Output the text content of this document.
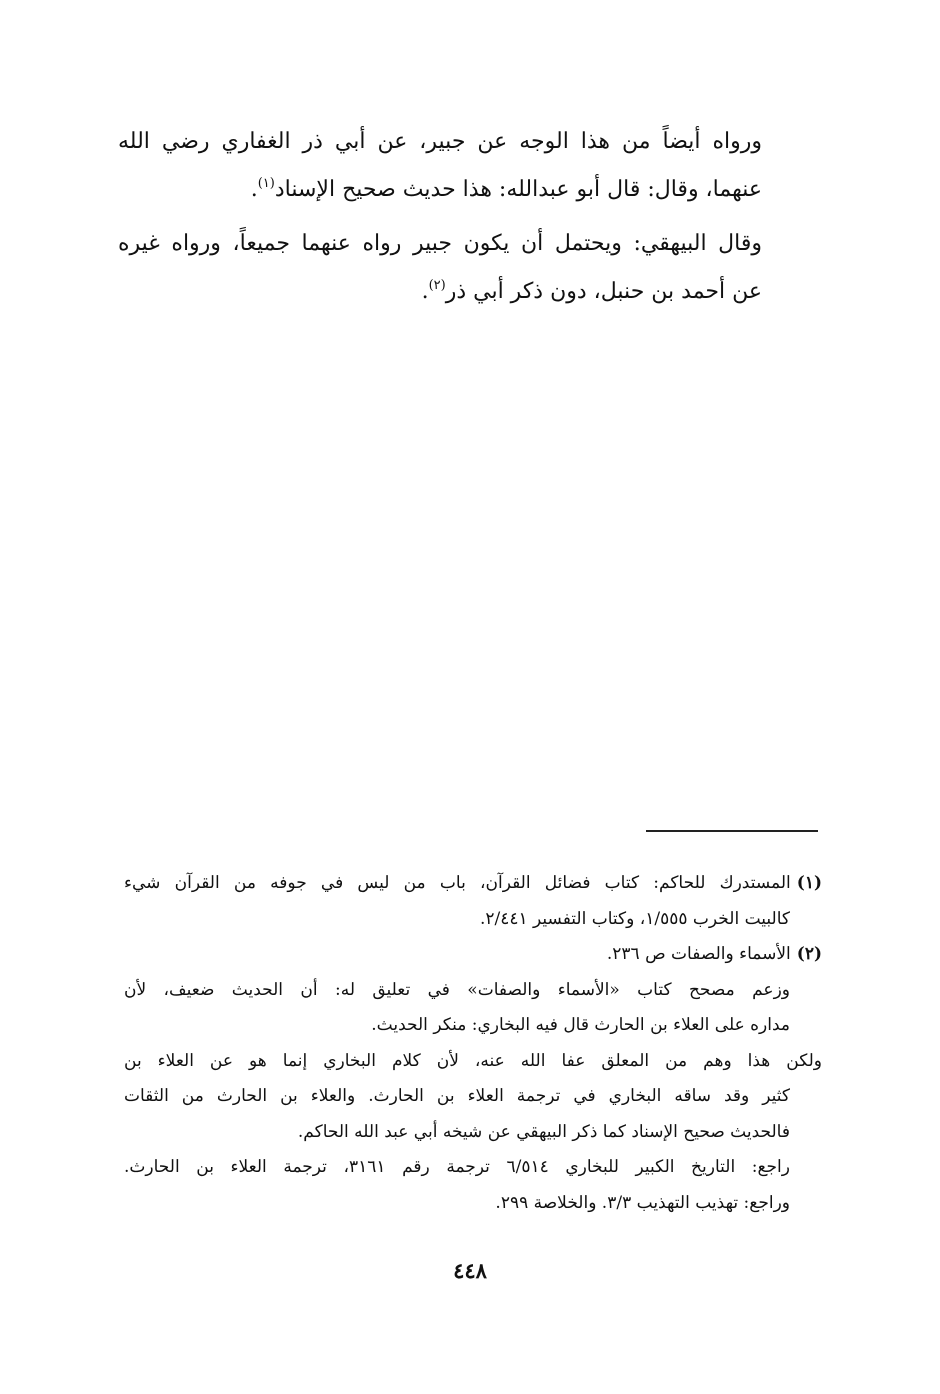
ورواه أيضاً من هذا الوجه عن جبير، عن أبي ذر الغفاري رضي الله
عنهما، وقال: قال أبو عبدالله: هذا حديث صحيح الإسناد$^{(١)}$.

وقال البيهقي: ويحتمل أن يكون جبير رواه عنهما جميعاً، ورواه غيره
عن أحمد بن حنبل، دون ذكر أبي ذر$^{(٢)}$.

(١)المستدرك للحاكم: كتاب فضائل القرآن، باب من ليس في جوفه من القرآن شيء
كالبيت الخرب ١/٥٥٥، وكتاب التفسير ٢/٤٤١.
(٢)الأسماء والصفات ص ٢٣٦.
وزعم مصحح كتاب «الأسماء والصفات» في تعليق له: أن الحديث ضعيف، لأن
مداره على العلاء بن الحارث قال فيه البخاري: منكر الحديث.
ولكن هذا وهم من المعلق عفا الله عنه، لأن كلام البخاري إنما هو عن العلاء بن
كثير وقد ساقه البخاري في ترجمة العلاء بن الحارث. والعلاء بن الحارث من الثقات
فالحديث صحيح الإسناد كما ذكر البيهقي عن شيخه أبي عبد الله الحاكم.
راجع: التاريخ الكبير للبخاري ٦/٥١٤ ترجمة رقم ٣١٦١، ترجمة العلاء بن الحارث.
وراجع: تهذيب التهذيب ٣/٣. والخلاصة ٢٩٩.
٤٤٨
